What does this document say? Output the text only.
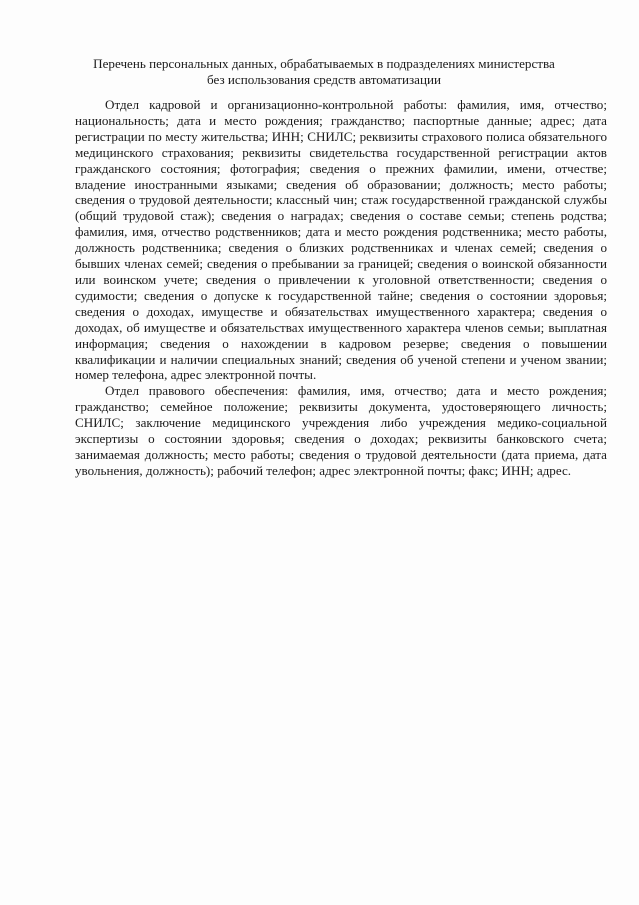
Перечень персональных данных, обрабатываемых в подразделениях министерства
без использования средств автоматизации

Отдел кадровой и организационно-контрольной работы: фамилия, имя, отчество; национальность; дата и место рождения; гражданство; паспортные данные; адрес; дата регистрации по месту жительства; ИНН; СНИЛС; реквизиты страхового полиса обязательного медицинского страхования; реквизиты свидетельства государственной регистрации актов гражданского состояния; фотография; сведения о прежних фамилии, имени, отчестве; владение иностранными языками; сведения об образовании; должность; место работы; сведения о трудовой деятельности; классный чин; стаж государственной гражданской службы (общий трудовой стаж); сведения о наградах; сведения о составе семьи; степень родства; фамилия, имя, отчество родственников; дата и место рождения родственника; место работы, должность родственника; сведения о близких родственниках и членах семей; сведения о бывших членах семей; сведения о пребывании за границей; сведения о воинской обязанности или воинском учете; сведения о привлечении к уголовной ответственности; сведения о судимости; сведения о допуске к государственной тайне; сведения о состоянии здоровья; сведения о доходах, имуществе и обязательствах имущественного характера; сведения о доходах, об имуществе и обязательствах имущественного характера членов семьи; выплатная информация; сведения о нахождении в кадровом резерве; сведения о повышении квалификации и наличии специальных знаний; сведения об ученой степени и ученом звании; номер телефона, адрес электронной почты.

Отдел правового обеспечения: фамилия, имя, отчество; дата и место рождения; гражданство; семейное положение; реквизиты документа, удостоверяющего личность; СНИЛС; заключение медицинского учреждения либо учреждения медико-социальной экспертизы о состоянии здоровья; сведения о доходах; реквизиты банковского счета; занимаемая должность; место работы; сведения о трудовой деятельности (дата приема, дата увольнения, должность); рабочий телефон; адрес электронной почты; факс; ИНН; адрес.
